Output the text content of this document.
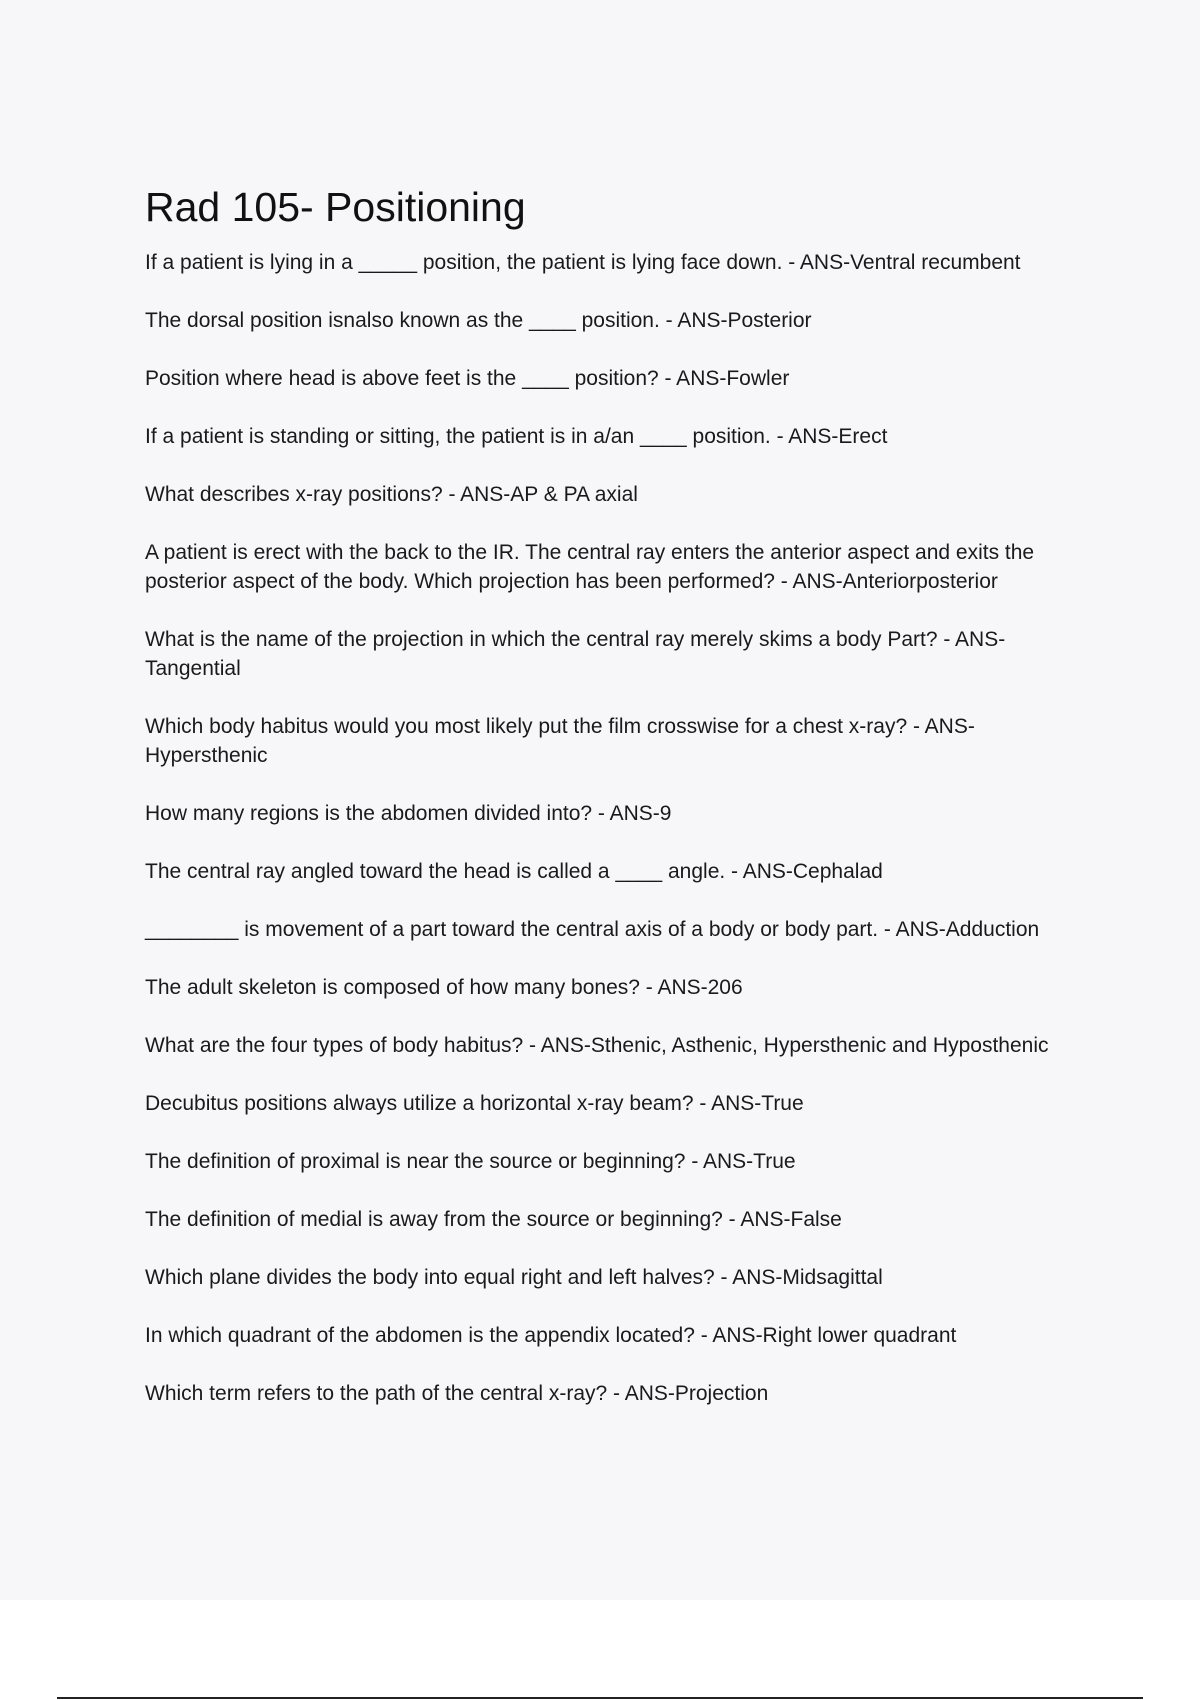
Rad 105- Positioning
If a patient is lying in a _____ position, the patient is lying face down. - ANS-Ventral recumbent
The dorsal position isnalso known as the ____ position. - ANS-Posterior
Position where head is above feet is the ____ position? - ANS-Fowler
If a patient is standing or sitting, the patient is in a/an ____ position. - ANS-Erect
What describes x-ray positions? - ANS-AP & PA axial
A patient is erect with the back to the IR. The central ray enters the anterior aspect and exits the posterior aspect of the body. Which projection has been performed? - ANS-Anteriorposterior
What is the name of the projection in which the central ray merely skims a body Part? - ANS-Tangential
Which body habitus would you most likely put the film crosswise for a chest x-ray? - ANS-Hypersthenic
How many regions is the abdomen divided into? - ANS-9
The central ray angled toward the head is called a ____ angle. - ANS-Cephalad
________ is movement of a part toward the central axis of a body or body part. - ANS-Adduction
The adult skeleton is composed of how many bones? - ANS-206
What are the four types of body habitus? - ANS-Sthenic, Asthenic, Hypersthenic and Hyposthenic
Decubitus positions always utilize a horizontal x-ray beam? - ANS-True
The definition of proximal is near the source or beginning? - ANS-True
The definition of medial is away from the source or beginning? - ANS-False
Which plane divides the body into equal right and left halves? - ANS-Midsagittal
In which quadrant of the abdomen is the appendix located? - ANS-Right lower quadrant
Which term refers to the path of the central x-ray? - ANS-Projection
